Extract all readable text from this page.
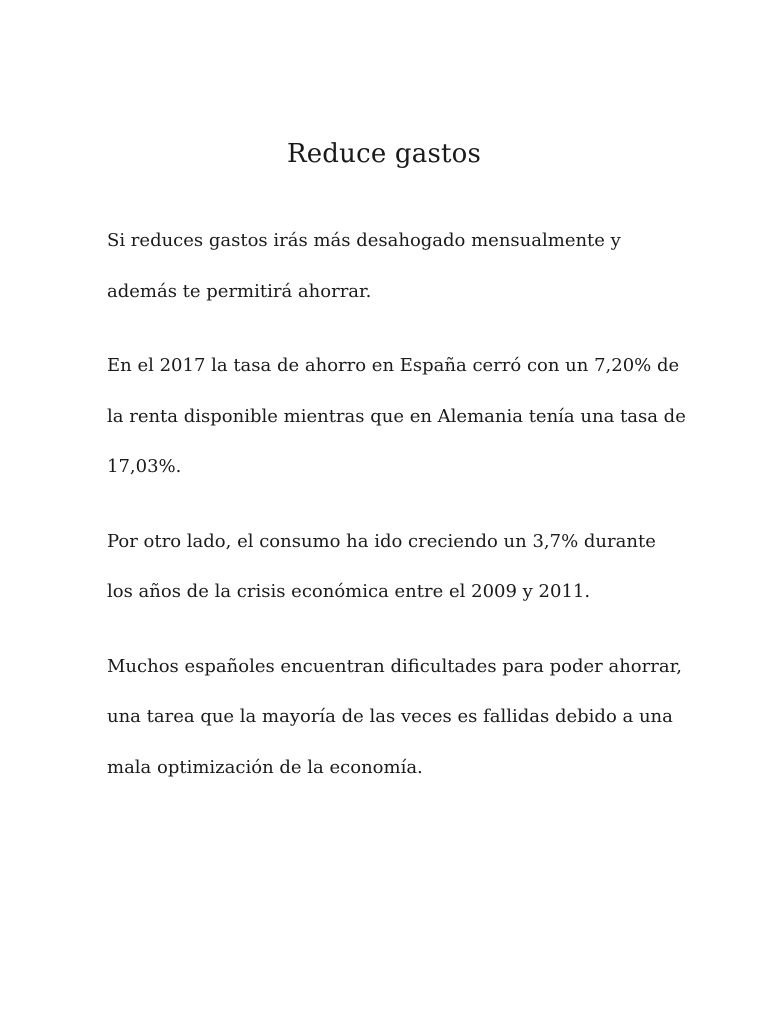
Reduce gastos

Si reduces gastos irás más desahogado mensualmente y
además te permitirá ahorrar.

En el 2017 la tasa de ahorro en España cerró con un 7,20% de
la renta disponible mientras que en Alemania tenía una tasa de
17,03%.

Por otro lado, el consumo ha ido creciendo un 3,7% durante
los años de la crisis económica entre el 2009 y 2011.

Muchos españoles encuentran dificultades para poder ahorrar,
una tarea que la mayoría de las veces es fallidas debido a una
mala optimización de la economía.
